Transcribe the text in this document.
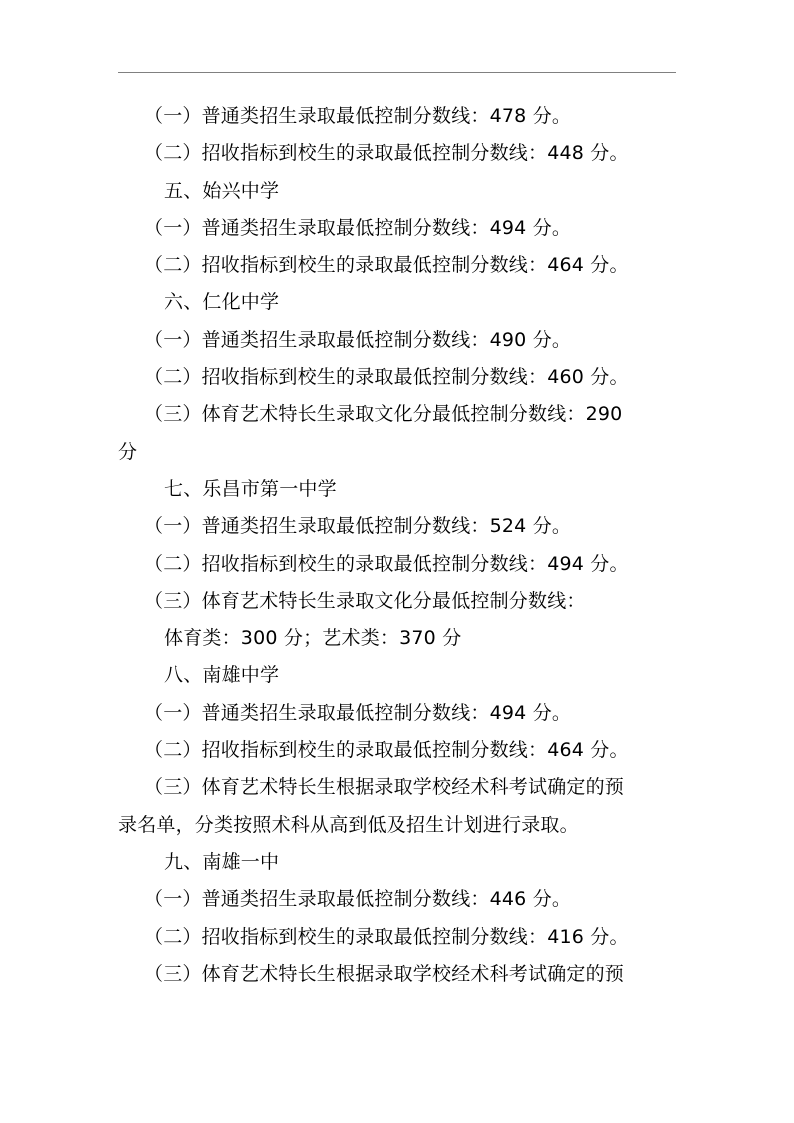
（一）普通类招生录取最低控制分数线：478 分。

（二）招收指标到校生的录取最低控制分数线：448 分。

五、始兴中学

（一）普通类招生录取最低控制分数线：494 分。

（二）招收指标到校生的录取最低控制分数线：464 分。

六、仁化中学

（一）普通类招生录取最低控制分数线：490 分。

（二）招收指标到校生的录取最低控制分数线：460 分。

（三）体育艺术特长生录取文化分最低控制分数线：290

分

七、乐昌市第一中学

（一）普通类招生录取最低控制分数线：524 分。

（二）招收指标到校生的录取最低控制分数线：494 分。

（三）体育艺术特长生录取文化分最低控制分数线：

体育类：300 分；艺术类：370 分

八、南雄中学

（一）普通类招生录取最低控制分数线：494 分。

（二）招收指标到校生的录取最低控制分数线：464 分。

（三）体育艺术特长生根据录取学校经术科考试确定的预

录名单，分类按照术科从高到低及招生计划进行录取。

九、南雄一中

（一）普通类招生录取最低控制分数线：446 分。

（二）招收指标到校生的录取最低控制分数线：416 分。

（三）体育艺术特长生根据录取学校经术科考试确定的预
